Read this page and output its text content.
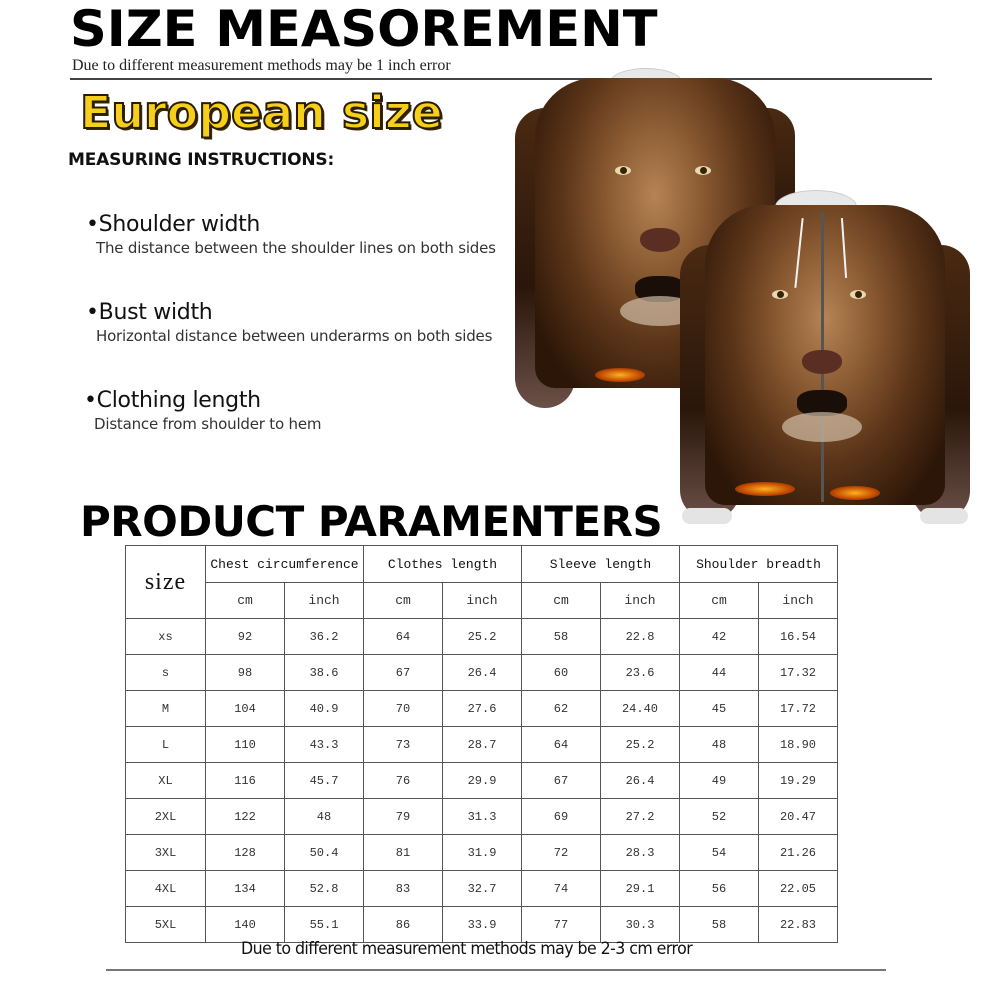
SIZE MEASOREMENT
Due to different measurement methods may be 1 inch error
European size
MEASURING INSTRUCTIONS:
•Shoulder width
The distance between the shoulder lines on both sides
•Bust width
Horizontal distance between underarms on both sides
•Clothing length
Distance from shoulder to hem
PRODUCT PARAMENTERS
size	Chest circumference		Clothes length		Sleeve length		Shoulder breadth	
	cm	inch	cm	inch	cm	inch	cm	inch
xs	92	36.2	64	25.2	58	22.8	42	16.54
s	98	38.6	67	26.4	60	23.6	44	17.32
M	104	40.9	70	27.6	62	24.40	45	17.72
L	110	43.3	73	28.7	64	25.2	48	18.90
XL	116	45.7	76	29.9	67	26.4	49	19.29
2XL	122	48	79	31.3	69	27.2	52	20.47
3XL	128	50.4	81	31.9	72	28.3	54	21.26
4XL	134	52.8	83	32.7	74	29.1	56	22.05
5XL	140	55.1	86	33.9	77	30.3	58	22.83
Due to different measurement methods may be 2-3 cm error
